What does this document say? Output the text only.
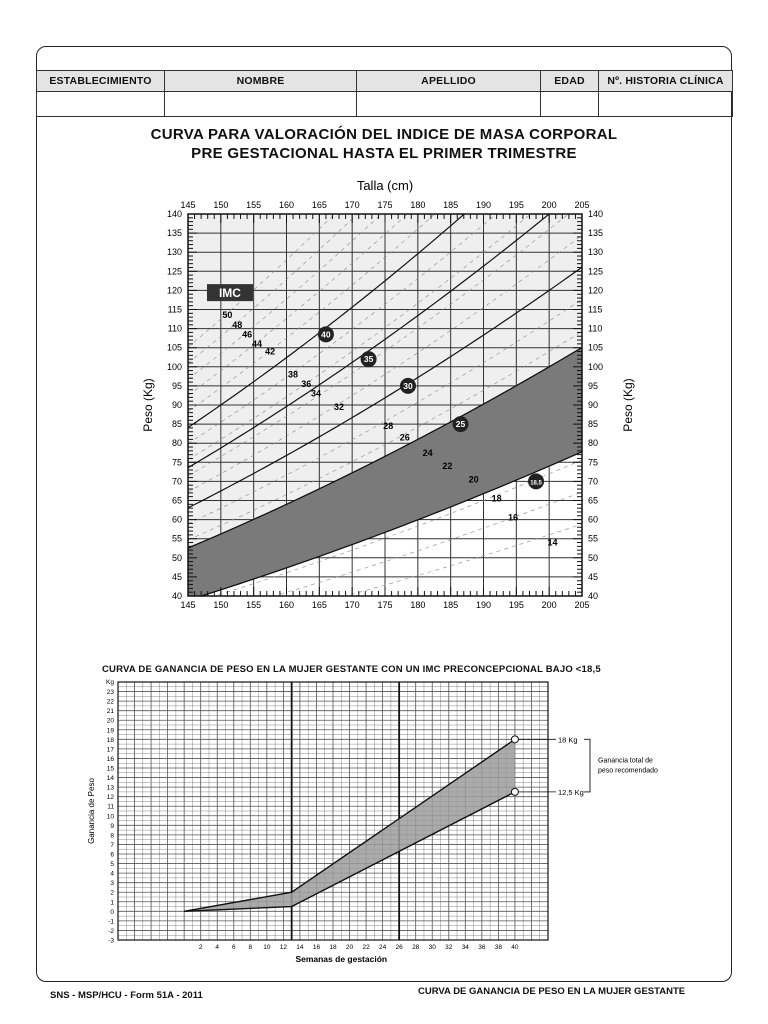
ESTABLECIMIENTO	NOMBRE	APELLIDO	EDAD	Nº. HISTORIA CLÍNICA

CURVA PARA VALORACIÓN DEL INDICE DE MASA CORPORAL
PRE GESTACIONAL HASTA EL PRIMER TRIMESTRE
145
145
150
150
155
155
160
160
165
165
170
170
175
175
180
180
185
185
190
190
195
195
200
200
205
205
40	40
45	45
50	50
55	55
60	60
65	65
70	70
75	75
80	80
85	85
90	90
95	95
100	100
105	105
110	110
115	115
120	120
125	125
130	130
135	135
140	140
Talla (cm)
Peso (Kg)	Peso (Kg)
IMC
50
48
46
44
42
38
36
34
32
28
26
24
22
20
18
16
14
40
35
30
25
18,5
CURVA DE GANANCIA DE PESO EN LA MUJER GESTANTE CON UN IMC PRECONCEPCIONAL BAJO <18,5
18 Kg
12,5 Kg
Ganancia total de
peso recomendado
Kg
-3
-2
-1
0
1
2
3
4
5
6
7
8
9
10
11
12
13
14
15
16
17
18
19
20
21
22
23
2 4 6 8 10 12 14 16 18 20 22 24 26 28 30 32 34 36 38 40
Semanas de gestación
Ganancia de Peso
SNS - MSP/HCU - Form 51A - 2011	CURVA DE GANANCIA DE PESO EN LA MUJER GESTANTE
